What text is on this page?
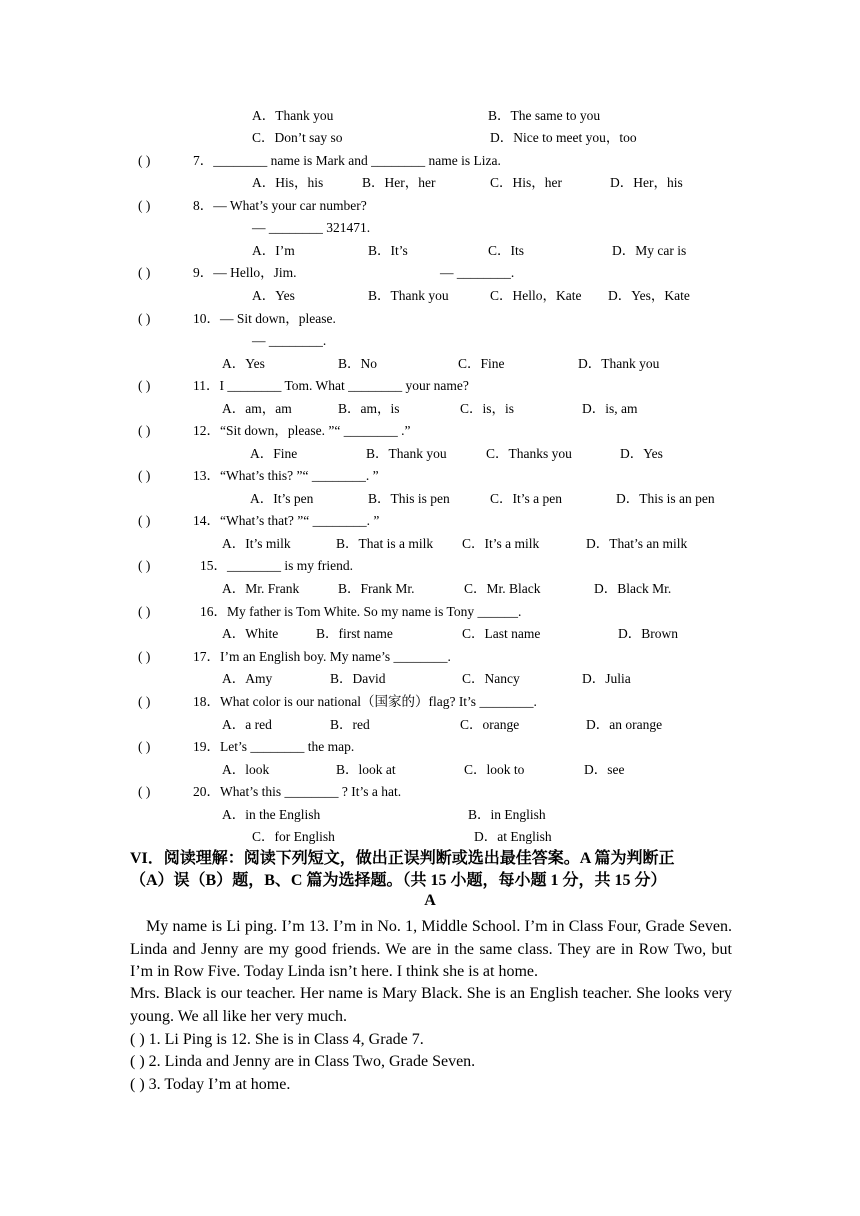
A．Thank you	B．The same to you
C．Don’t say so	D．Nice to meet you，too
( )	7．________ name is Mark and ________ name is Liza.
A．His，his	B．Her，her	C．His，her	D．Her，his
( )	8．— What’s your car number?
— ________ 321471.
A．I’m	B．It’s	C．Its	D．My car is
( )	9．— Hello，Jim.	— ________.
A．Yes	B．Thank you	C．Hello，Kate D．Yes，Kate
( )	10．— Sit down，please.
— ________.
A．Yes	B．No	C．Fine	D．Thank you
( )	11．I ________ Tom. What ________ your name?
A．am，am	B．am，is	C．is，is	D．is, am
( )	12．“Sit down，please. ”“ ________ .”
A．Fine	B．Thank you	C．Thanks you	D．Yes
( )	13．“What’s this? ”“ ________. ”
A．It’s pen	B．This is pen	C．It’s a pen	D．This is an pen
( )	14．“What’s that? ”“ ________. ”
A．It’s milk	B．That is a milk C．It’s a milk	D．That’s an milk
( )	15．________ is my friend.
A．Mr. Frank	B．Frank Mr.	C．Mr. Black	D．Black Mr.
( )	16．My father is Tom White. So my name is Tony ______.
A．White	B．first name	C．Last name	D．Brown
( )	17．I’m an English boy. My name’s ________.
A．Amy	B．David	C．Nancy	D．Julia
( )	18．What color is our national（国家的）flag? It’s ________.
A．a red	B．red	C．orange	D．an orange
( )	19．Let’s ________ the map.
A．look	B．look at	C．look to	D．see
( )	20．What’s this ________ ? It’s a hat.
A．in the English	B．in English
C．for English	D．at English
VI．阅读理解：阅读下列短文，做出正误判断或选出最佳答案。A 篇为判断正
（A）误（B）题，B、C 篇为选择题。（共 15 小题，每小题 1 分，共 15 分）
A
My name is Li ping. I’m 13. I’m in No. 1, Middle School. I’m in Class Four, Grade Seven. Linda and Jenny are my good friends. We are in the same class. They are in Row Two, but I’m in Row Five. Today Linda isn’t here. I think she is at home.
Mrs. Black is our teacher. Her name is Mary Black. She is an English teacher. She looks very young. We all like her very much.
( ) 1. Li Ping is 12. She is in Class 4, Grade 7.
( ) 2. Linda and Jenny are in Class Two, Grade Seven.
( ) 3. Today I’m at home.
